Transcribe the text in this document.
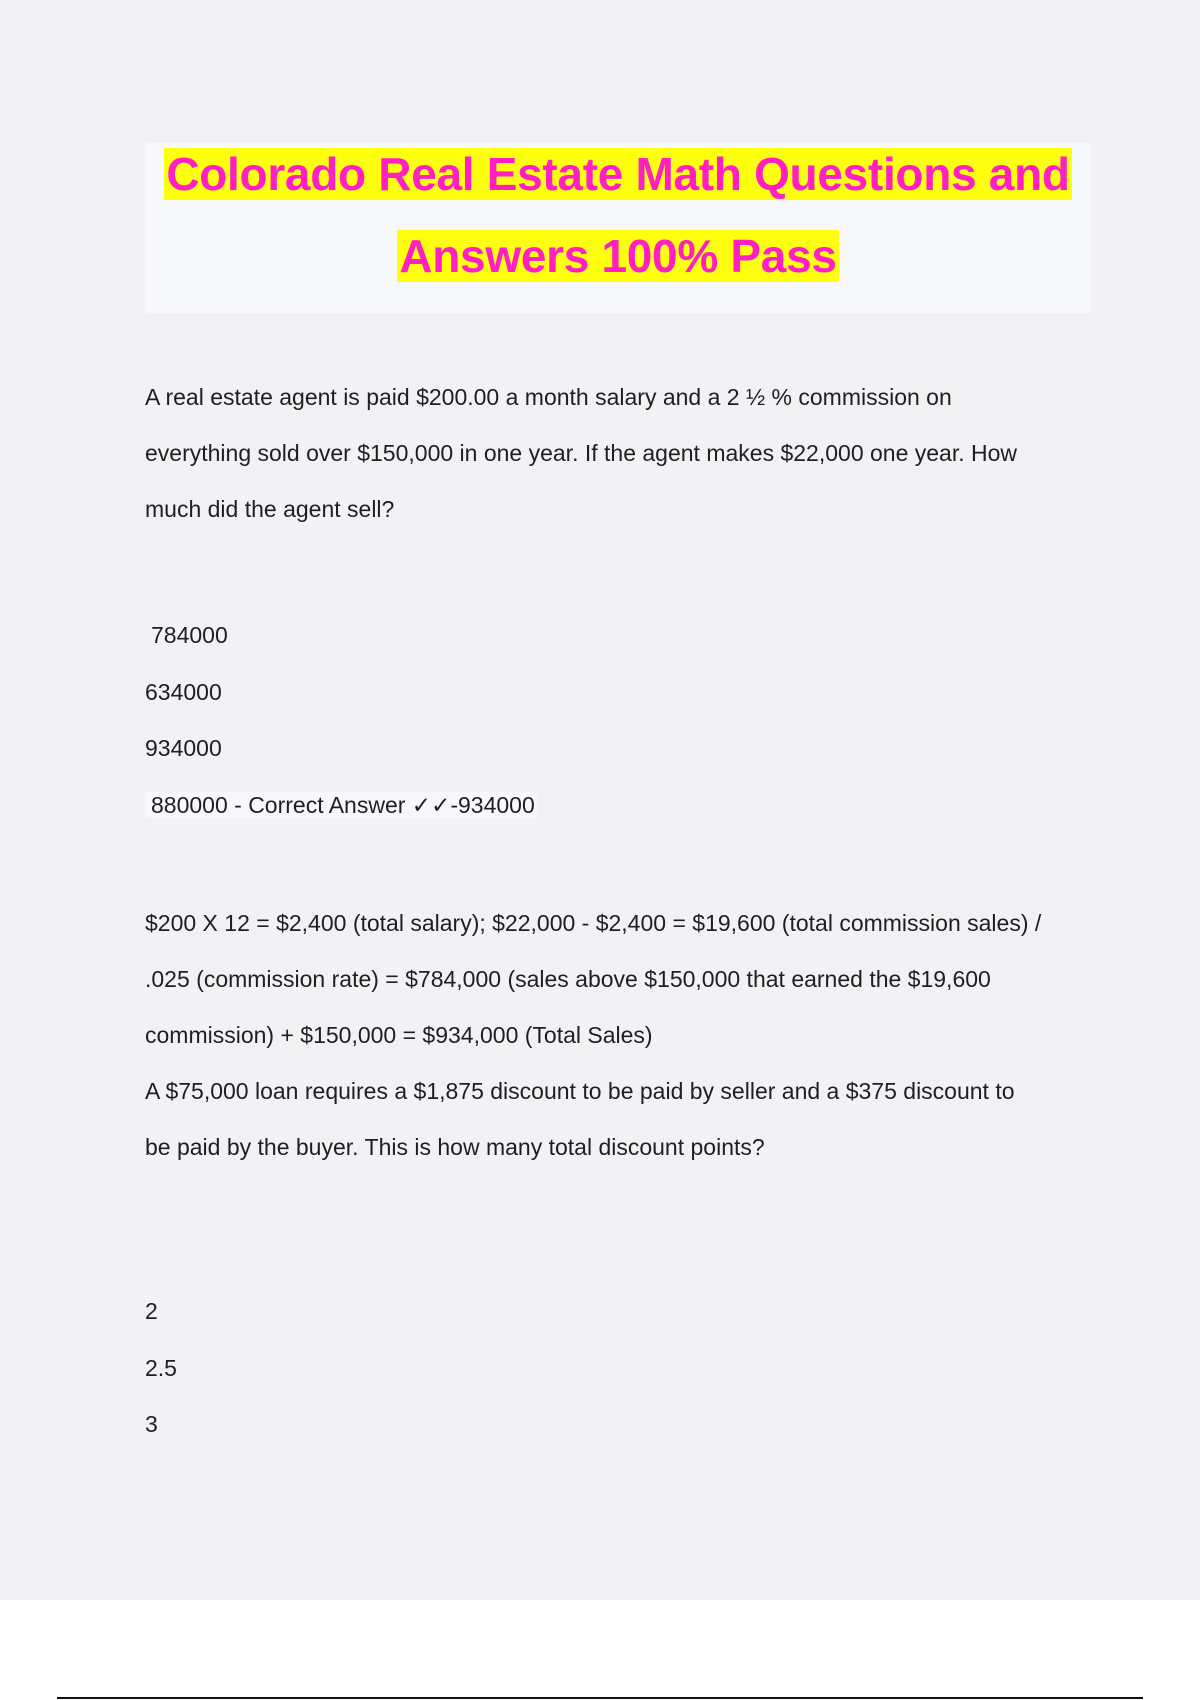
Colorado Real Estate Math Questions and
Answers 100% Pass

A real estate agent is paid $200.00 a month salary and a 2 ½ % commission on

everything sold over $150,000 in one year. If the agent makes $22,000 one year. How

much did the agent sell?

784000

634000

934000

880000 - Correct Answer ✓✓-934000

$200 X 12 = $2,400 (total salary); $22,000 - $2,400 = $19,600 (total commission sales) /

.025 (commission rate) = $784,000 (sales above $150,000 that earned the $19,600

commission) + $150,000 = $934,000 (Total Sales)

A $75,000 loan requires a $1,875 discount to be paid by seller and a $375 discount to

be paid by the buyer. This is how many total discount points?

2

2.5

3
